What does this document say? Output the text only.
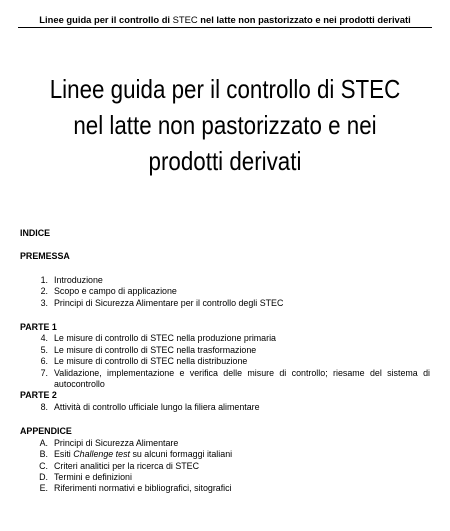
Linee guida per il controllo di STEC nel latte non pastorizzato e nei prodotti derivati
Linee guida per il controllo di STEC
nel latte non pastorizzato e nei
prodotti derivati
INDICE
PREMESSA
1. Introduzione
2. Scopo e campo di applicazione
3. Principi di Sicurezza Alimentare per il controllo degli STEC
PARTE 1
4. Le misure di controllo di STEC nella produzione primaria
5. Le misure di controllo di STEC nella trasformazione
6. Le misure di controllo di STEC nella distribuzione
7. Validazione, implementazione e verifica delle misure di controllo; riesame del sistema di autocontrollo
PARTE 2
8. Attività di controllo ufficiale lungo la filiera alimentare
APPENDICE
A. Principi di Sicurezza Alimentare
B. Esiti Challenge test su alcuni formaggi italiani
C. Criteri analitici per la ricerca di STEC
D. Termini e definizioni
E. Riferimenti normativi e bibliografici, sitografici
